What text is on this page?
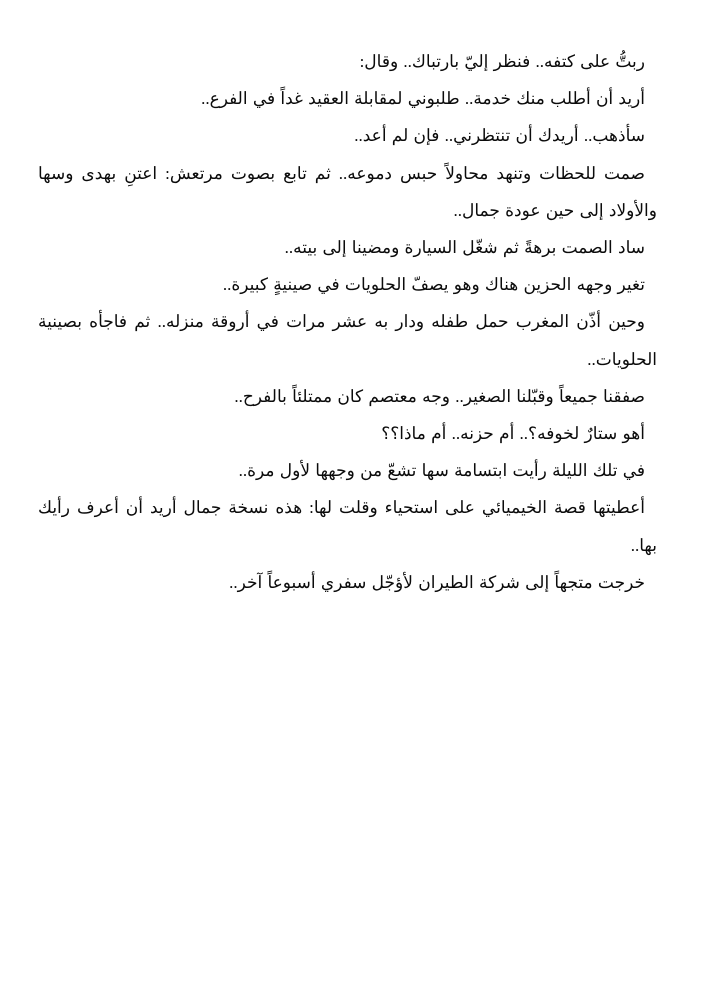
ربتُّ على كتفه.. فنظر إليّ بارتباك.. وقال:

أريد أن أطلب منك خدمة.. طلبوني لمقابلة العقيد غداً في الفرع..

سأذهب.. أريدك أن تنتظرني.. فإن لم أعد..

صمت للحظات وتنهد محاولاً حبس دموعه.. ثم تابع بصوت مرتعش: اعتنِ بهدى وسها والأولاد إلى حين عودة جمال..

ساد الصمت برهةً ثم شغّل السيارة ومضينا إلى بيته..

تغير وجهه الحزين هناك وهو يصفّ الحلويات في صينيةٍ كبيرة..

وحين أذّن المغرب حمل طفله ودار به عشر مرات في أروقة منزله.. ثم فاجأه بصينية الحلويات..

صفقنا جميعاً وقبّلنا الصغير.. وجه معتصم كان ممتلئاً بالفرح..

أهو ستارٌ لخوفه؟.. أم حزنه.. أم ماذا؟؟

في تلك الليلة رأيت ابتسامة سها تشعّ من وجهها لأول مرة..

أعطيتها قصة الخيميائي على استحياء وقلت لها: هذه نسخة جمال أريد أن أعرف رأيك بها..

خرجت متجهاً إلى شركة الطيران لأؤجّل سفري أسبوعاً آخر..
